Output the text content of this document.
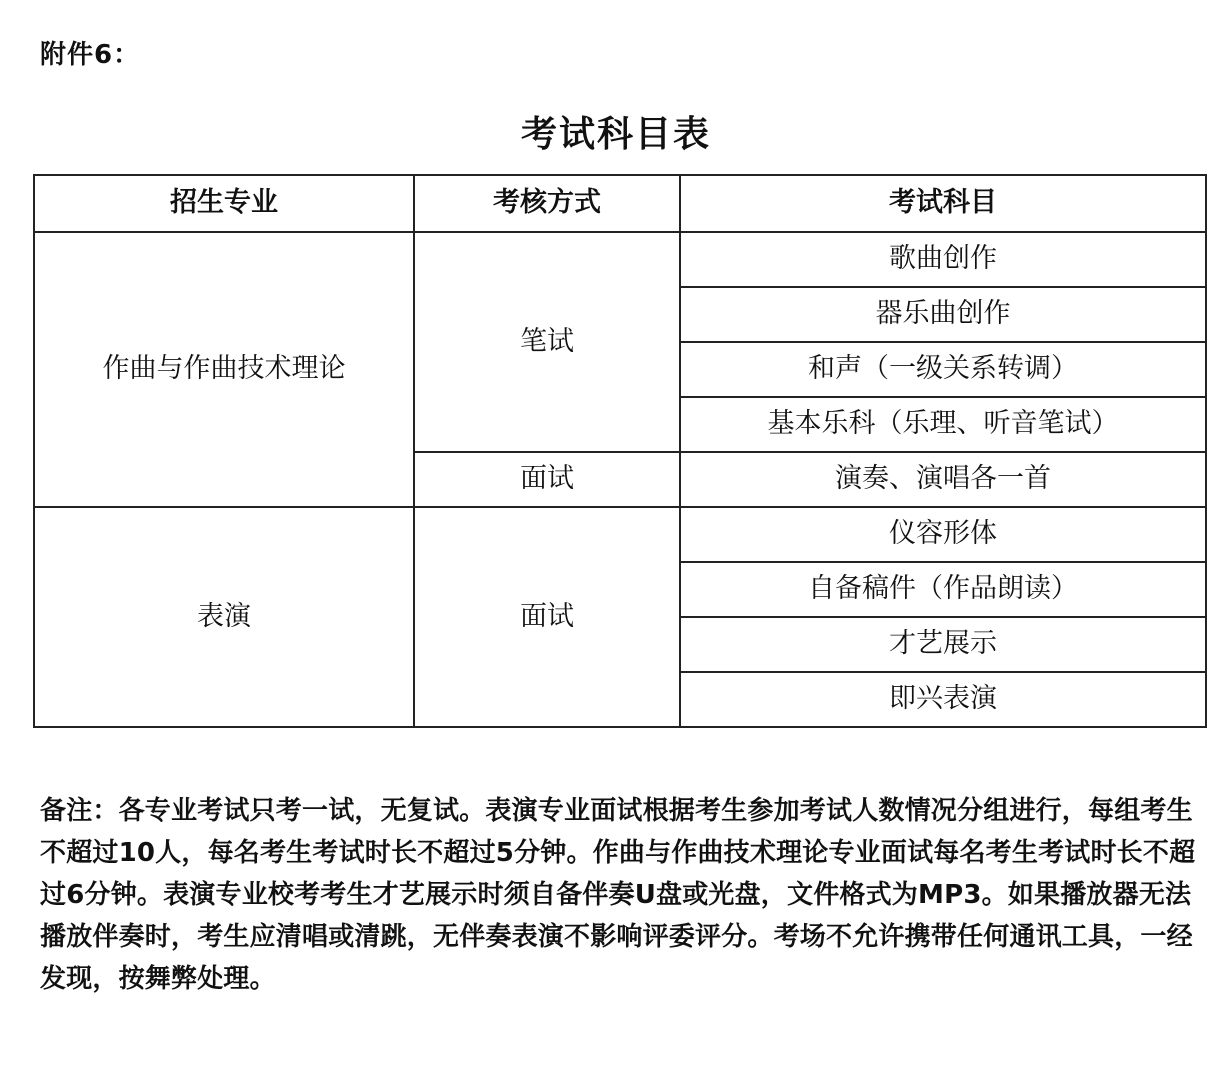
附件6：
考试科目表
招生专业	考核方式	考试科目
作曲与作曲技术理论	笔试	歌曲创作
		器乐曲创作
		和声（一级关系转调）
		基本乐科（乐理、听音笔试）
	面试	演奏、演唱各一首
表演	面试	仪容形体
		自备稿件（作品朗读）
		才艺展示
		即兴表演
备注：各专业考试只考一试，无复试。表演专业面试根据考生参加考试人数情况分组进行，每组考生不超过10人，每名考生考试时长不超过5分钟。作曲与作曲技术理论专业面试每名考生考试时长不超过6分钟。表演专业校考考生才艺展示时须自备伴奏U盘或光盘，文件格式为MP3。如果播放器无法播放伴奏时，考生应清唱或清跳，无伴奏表演不影响评委评分。考场不允许携带任何通讯工具，一经发现，按舞弊处理。
